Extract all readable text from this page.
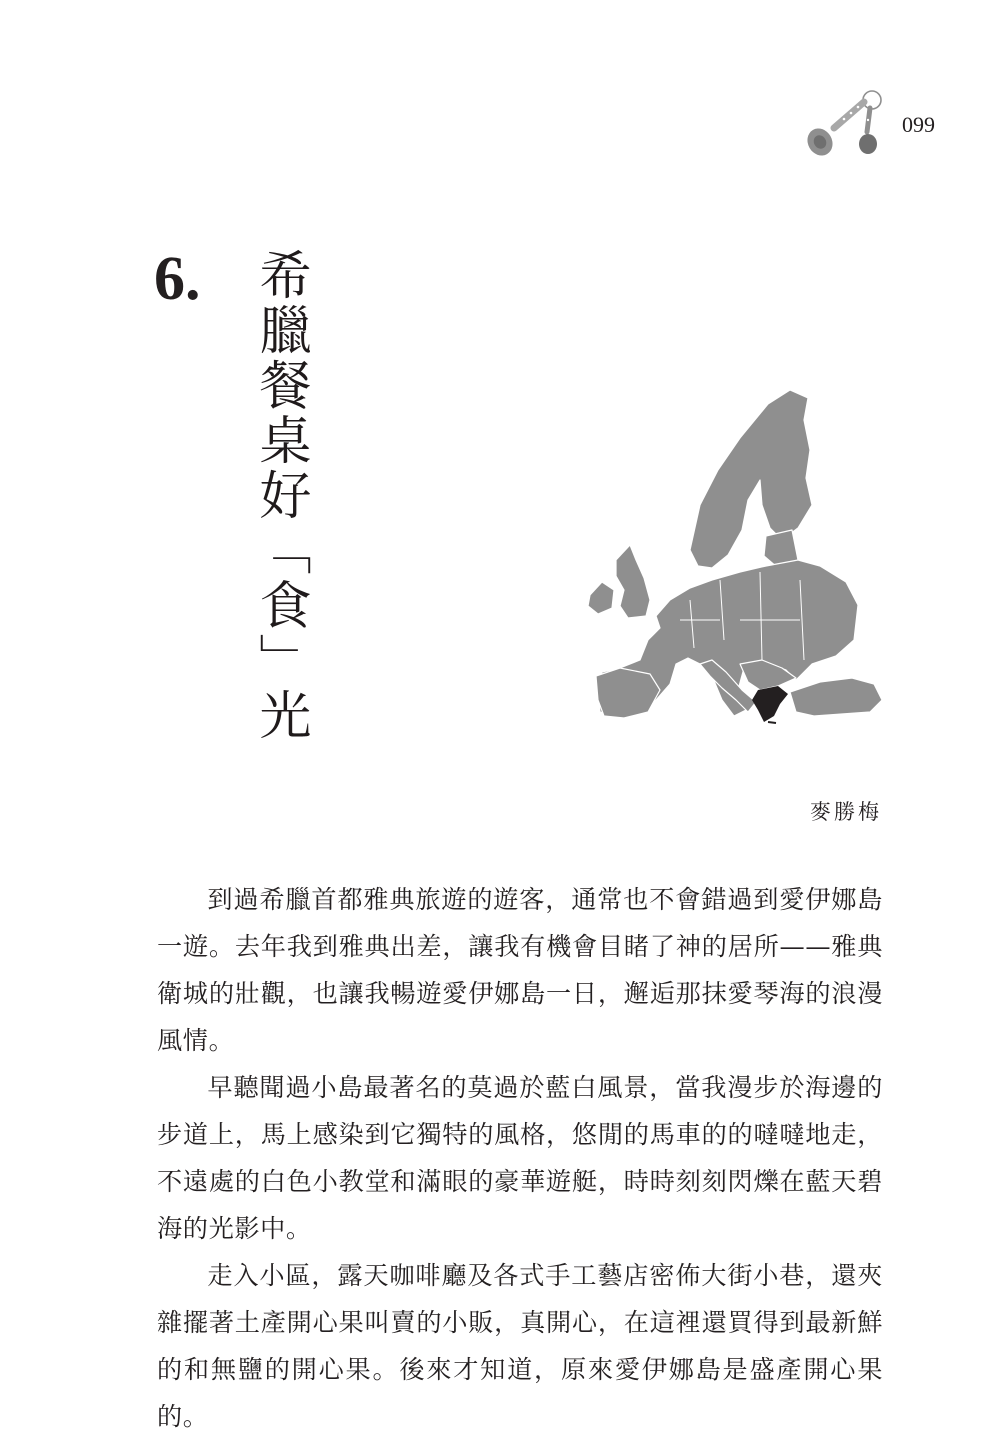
099
6. 希臘餐桌好「食」光
麥勝梅

到過希臘首都雅典旅遊的遊客，通常也不會錯過到愛伊娜島一遊。去年我到雅典出差，讓我有機會目睹了神的居所——雅典衛城的壯觀，也讓我暢遊愛伊娜島一日，邂逅那抹愛琴海的浪漫風情。

早聽聞過小島最著名的莫過於藍白風景，當我漫步於海邊的步道上，馬上感染到它獨特的風格，悠閒的馬車的的噠噠地走，不遠處的白色小教堂和滿眼的豪華遊艇，時時刻刻閃爍在藍天碧海的光影中。

走入小區，露天咖啡廳及各式手工藝店密佈大街小巷，還夾雜擺著土產開心果叫賣的小販，真開心，在這裡還買得到最新鮮的和無鹽的開心果。後來才知道，原來愛伊娜島是盛產開心果的。
